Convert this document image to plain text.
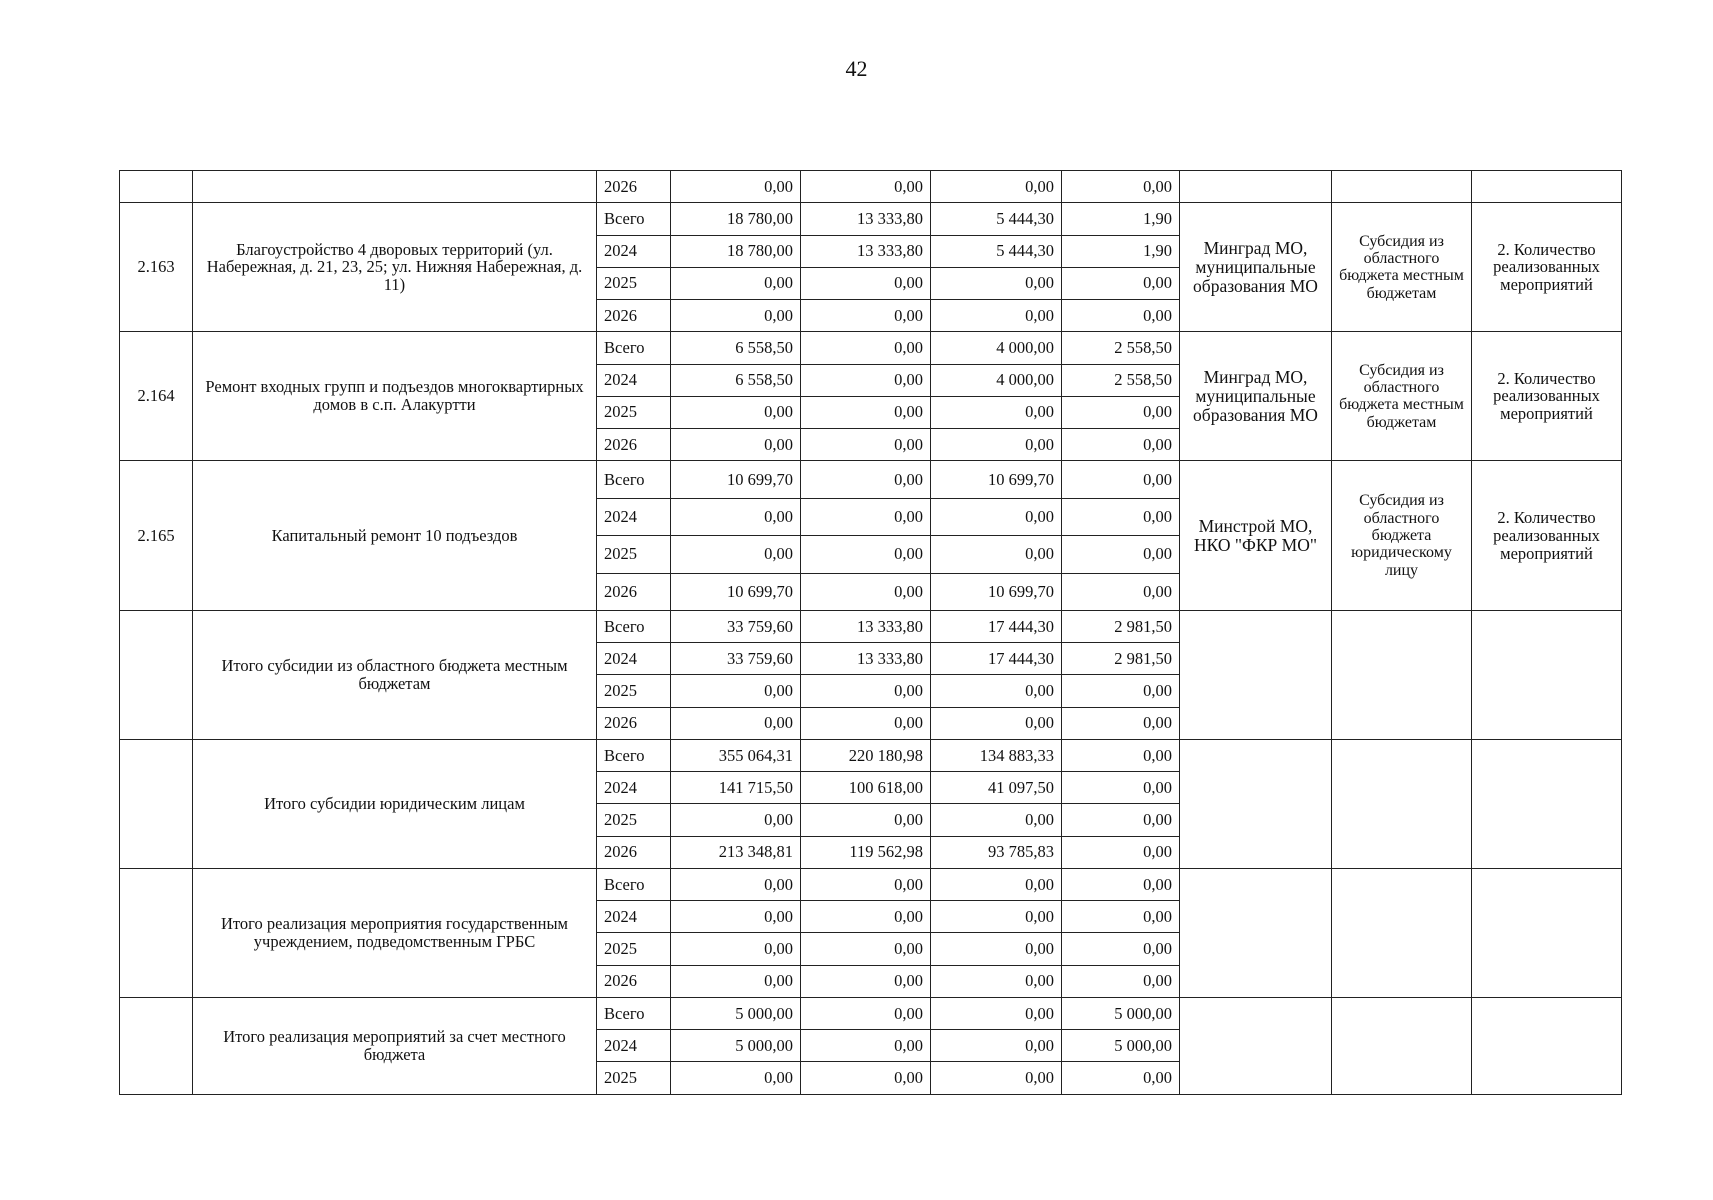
42
		2026	0,00	0,00	0,00	0,00			
2.163	Благоустройство 4 дворовых территорий (ул. Набережная, д. 21, 23, 25; ул. Нижняя Набережная, д. 11)	Всего	18 780,00	13 333,80	5 444,30	1,90	Минград МО, муниципальные образования МО	Субсидия из областного бюджета местным бюджетам	2. Количество реализованных мероприятий
		2024	18 780,00	13 333,80	5 444,30	1,90			
		2025	0,00	0,00	0,00	0,00			
		2026	0,00	0,00	0,00	0,00			
2.164	Ремонт входных групп и подъездов многоквартирных домов в с.п. Алакуртти	Всего	6 558,50	0,00	4 000,00	2 558,50	Минград МО, муниципальные образования МО	Субсидия из областного бюджета местным бюджетам	2. Количество реализованных мероприятий
		2024	6 558,50	0,00	4 000,00	2 558,50			
		2025	0,00	0,00	0,00	0,00			
		2026	0,00	0,00	0,00	0,00			
2.165	Капитальный ремонт 10 подъездов	Всего	10 699,70	0,00	10 699,70	0,00	Минстрой МО, НКО "ФКР МО"	Субсидия из областного бюджета юридическому лицу	2. Количество реализованных мероприятий
		2024	0,00	0,00	0,00	0,00			
		2025	0,00	0,00	0,00	0,00			
		2026	10 699,70	0,00	10 699,70	0,00			
	Итого субсидии из областного бюджета местным бюджетам	Всего	33 759,60	13 333,80	17 444,30	2 981,50			
		2024	33 759,60	13 333,80	17 444,30	2 981,50			
		2025	0,00	0,00	0,00	0,00			
		2026	0,00	0,00	0,00	0,00			
	Итого субсидии юридическим лицам	Всего	355 064,31	220 180,98	134 883,33	0,00			
		2024	141 715,50	100 618,00	41 097,50	0,00			
		2025	0,00	0,00	0,00	0,00			
		2026	213 348,81	119 562,98	93 785,83	0,00			
	Итого реализация мероприятия государственным учреждением, подведомственным ГРБС	Всего	0,00	0,00	0,00	0,00			
		2024	0,00	0,00	0,00	0,00			
		2025	0,00	0,00	0,00	0,00			
		2026	0,00	0,00	0,00	0,00			
	Итого реализация мероприятий за счет местного бюджета	Всего	5 000,00	0,00	0,00	5 000,00			
		2024	5 000,00	0,00	0,00	5 000,00			
		2025	0,00	0,00	0,00	0,00			
